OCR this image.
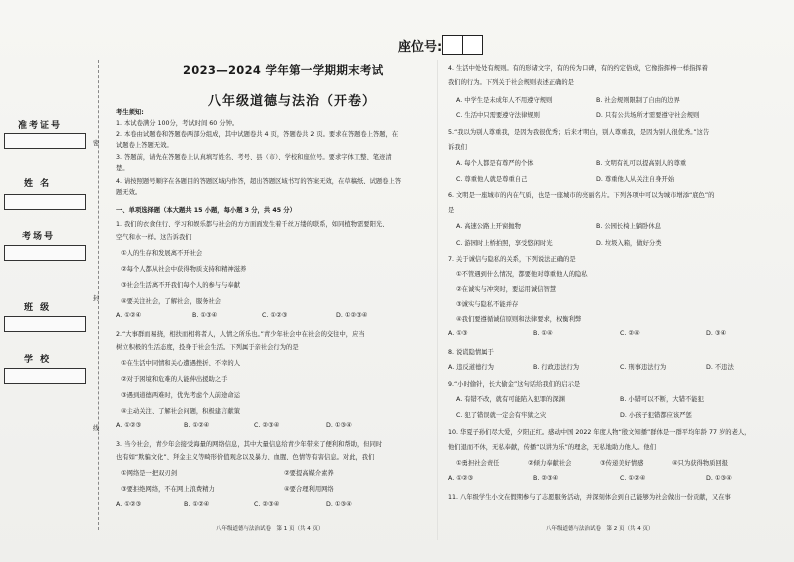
座位号:
2023—2024 学年第一学期期末考试
八年级道德与法治（开卷）
准考证号
姓 名
考场号
班 级
学 校
密
封
线
考生须知:
1. 本试卷满分 100分，考试时间 60 分钟。
2. 本卷由试题卷和答题卷两部分组成，其中试题卷共 4 页，答题卷共 2 页。要求在答题卷上答题，在
试题卷上答题无效。
3. 答题前，请先在答题卷上认真填写姓名、考号、县（市）、学校和座位号。要求字体工整、笔迹清
楚。
4. 请按照题号顺序在各题目的答题区域内作答，超出答题区域书写的答案无效，在草稿纸、试题卷上答
题无效。
一、单项选择题（本大题共 15 小题，每小题 3 分，共 45 分）
1. 我们的衣食住行、学习和娱乐都与社会的方方面面发生着千丝万缕的联系，如同植物需要阳光、
空气和水一样。这告诉我们
①人的生存和发展离不开社会
②每个人都从社会中获得物质支持和精神滋养
③社会生活离不开我们每个人的参与与奉献
④要关注社会，了解社会，服务社会
A. ①②④	B. ①③④	C. ①②③	D. ①②③④
2.“大事群而易挠，相扶而相将者人，人情之所乐也。”青少年社会中在社会的交往中，应当
树立积极的生活态度，投身于社会生活。下列属于亲社会行为的是
①在生活中同情和关心遭遇挫折、不幸的人
②对于困境和危难的人能伸出援助之手
③遇到道德两难时，优先考虑个人前途命运
④主动关注、了解社会问题，积极建言献策
A. ①②③	B. ①②④	C. ②③④	D. ①③④
3. 当今社会，青少年会接受海量的网络信息，其中大量信息给青少年带来了便利和帮助，但同时
也有如“欺骗文化”、拜金主义等畸形价值观念以及暴力、血腥、色情等有害信息。对此，我们
①网络是一把双刃剑	②要提高媒介素养
③要拒绝网络，不在网上浪费精力	④要合理利用网络
A. ①②③	B. ①②④	C. ②③④	D. ①③④
八年级道德与法治试卷　第 1 页（共 4 页）
4. 生活中处处有规则。有的形诸文字，有的传为口碑，有的约定俗成，它像指挥棒一样指挥着
我们的行为。下列关于社会规则表述正确的是
A. 中学生是未成年人不用遵守规则	B. 社会规则限制了自由的边界
C. 生活中只需要遵守法律规则	D. 只有公共场所才需要遵守社会规则
5.“我以为别人尊重我，是因为我很优秀；后来才明白，别人尊重我，是因为别人很优秀。”这告
诉我们
A. 每个人都是有尊严的个体	B. 文明有礼可以提高别人的尊重
C. 尊重他人就是尊重自己	D. 尊重他人从关注自身开始
6. 文明是一座城市的内在气质，也是一座城市的亮丽名片。下列各项中可以为城市增添“底色”的
是
A. 高速公路上开窗抛物	B. 公园长椅上躺卧休息
C. 游园时上桥拍照，享受悠闲时光	D. 垃圾入箱，做好分类
7. 关于诚信与隐私的关系，下列说法正确的是
①不管遇到什么情况，都要他对尊重他人的隐私
②在诚实与冲突时，要运用诚信智慧
③诚实与隐私不能并存
④我们要遵循诚信原则和法律要求，权衡利弊
A. ①③	B. ①④	C. ②④	D. ③④
8. 说谎隐情属于
A. 违反道德行为	B. 行政违法行为	C. 刑事违法行为	D. 不违法
9.“小时偷针，长大偷金”这句话给我们的启示是
A. 有错不改，就有可能陷入犯罪的深渊	B. 小错可以不断，大错不能犯
C. 犯了错误就一定会有牢狱之灾	D. 小孩子犯错都应该严惩
10. 华夏子孙们尽大爱，夕阳正红。感动中国 2022 年度人物“殷文知播”群体是一群平均年龄 77 岁的老人，
他们退而不休，无私奉献，传播“以讲为乐”的理念，无私地助力他人。他们
①勇担社会责任	②倾力奉献社会	③传递美好情感	④只为获得物质回报
A. ①②③	B. ②③④	C. ①②④	D. ①③④
11. 八年级学生小文在假期参与了志愿服务活动，并深刻体会到自己能够为社会做出一份贡献，又在事
八年级道德与法治试卷　第 2 页（共 4 页）
